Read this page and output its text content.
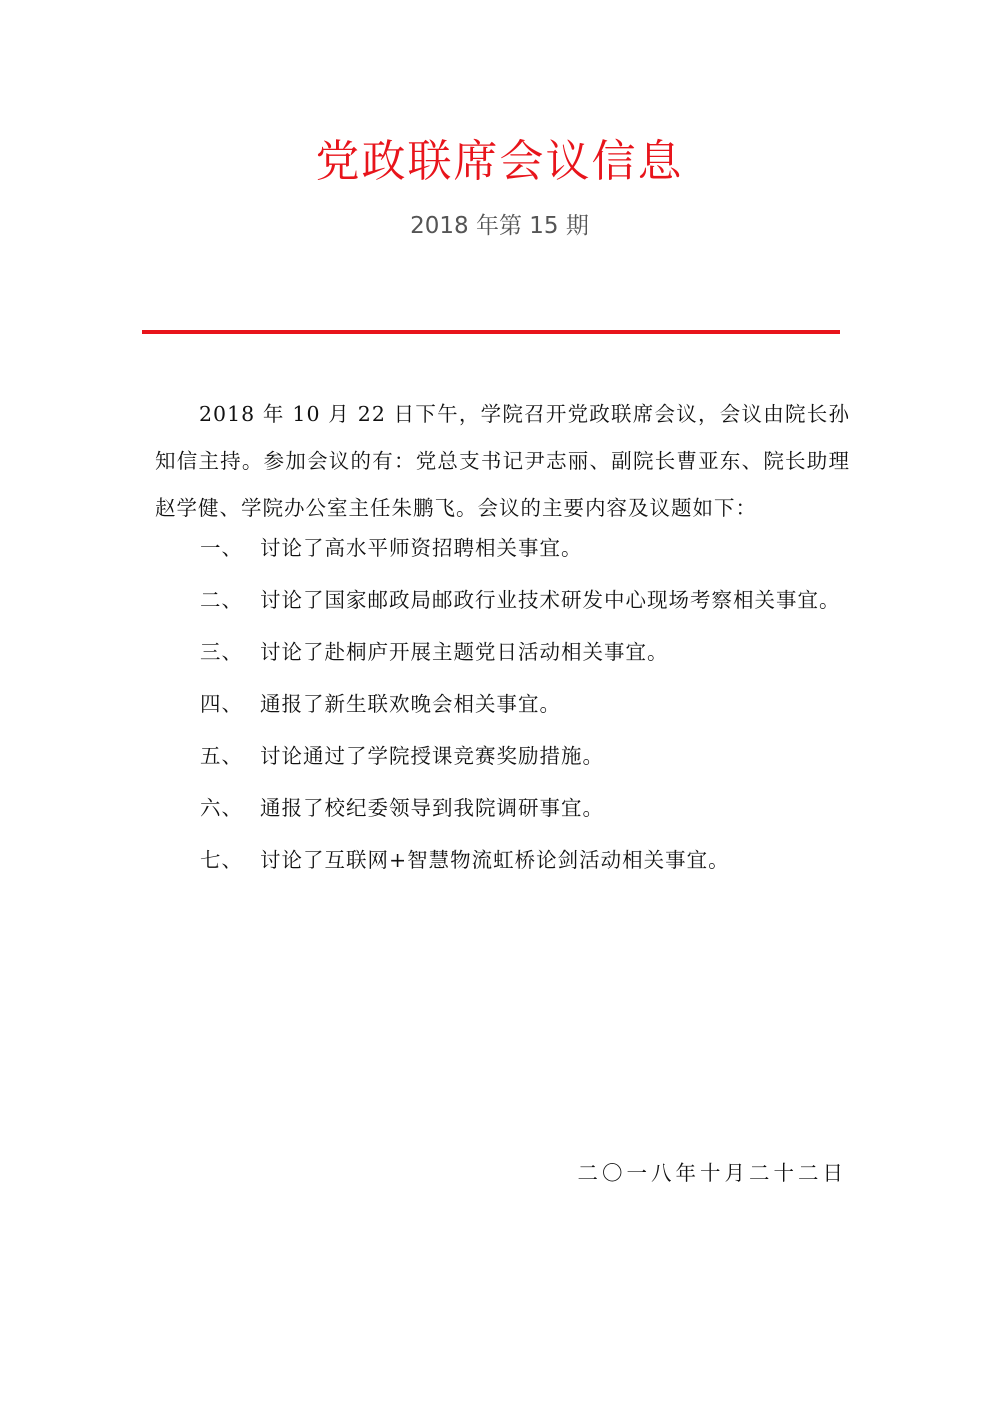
党政联席会议信息
2018 年第 15 期

2018 年 10 月 22 日下午，学院召开党政联席会议，会议由院长孙知信主持。参加会议的有：党总支书记尹志丽、副院长曹亚东、院长助理赵学健、学院办公室主任朱鹏飞。会议的主要内容及议题如下：

一、 讨论了高水平师资招聘相关事宜。
二、 讨论了国家邮政局邮政行业技术研发中心现场考察相关事宜。
三、 讨论了赴桐庐开展主题党日活动相关事宜。
四、 通报了新生联欢晚会相关事宜。
五、 讨论通过了学院授课竞赛奖励措施。
六、 通报了校纪委领导到我院调研事宜。
七、 讨论了互联网+智慧物流虹桥论剑活动相关事宜。
二〇一八年十月二十二日
